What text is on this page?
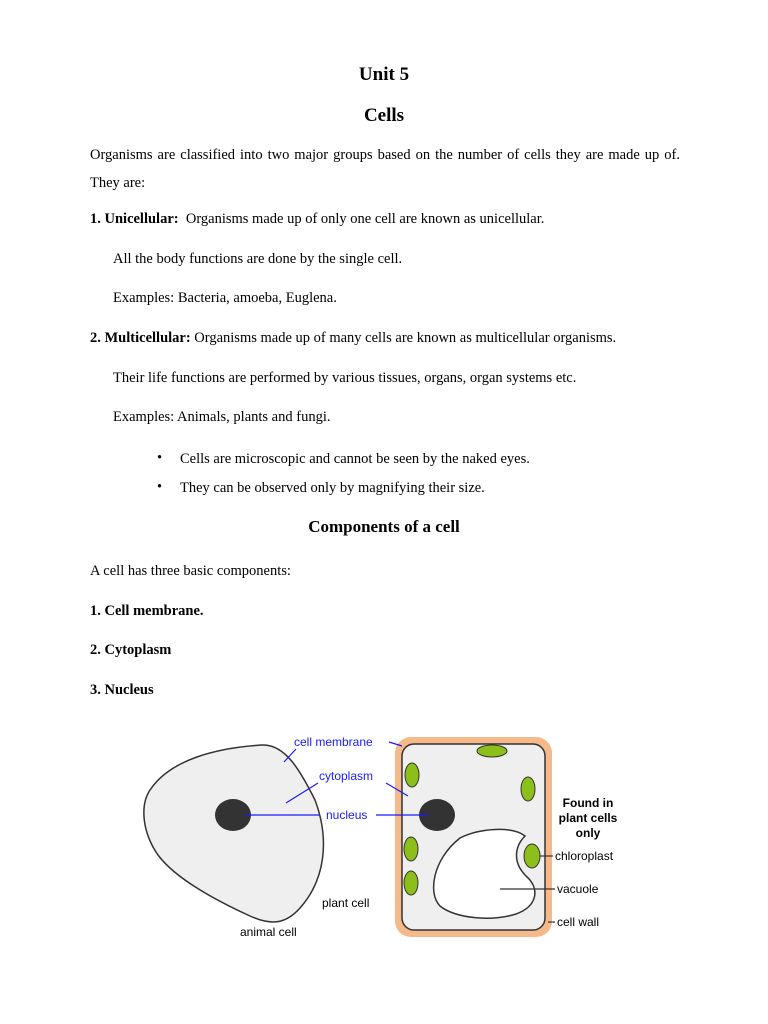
Unit 5
Cells
Organisms are classified into two major groups based on the number of cells they are made up of. They are:
1. Unicellular: Organisms made up of only one cell are known as unicellular.
All the body functions are done by the single cell.
Examples: Bacteria, amoeba, Euglena.
2. Multicellular: Organisms made up of many cells are known as multicellular organisms.
Their life functions are performed by various tissues, organs, organ systems etc.
Examples: Animals, plants and fungi.
• Cells are microscopic and cannot be seen by the naked eyes.
• They can be observed only by magnifying their size.
Components of a cell
A cell has three basic components:
1. Cell membrane.
2. Cytoplasm
3. Nucleus
cell membrane
cytoplasm
nucleus
Found in
plant cells
only
chloroplast
vacuole
cell wall
plant cell
animal cell
